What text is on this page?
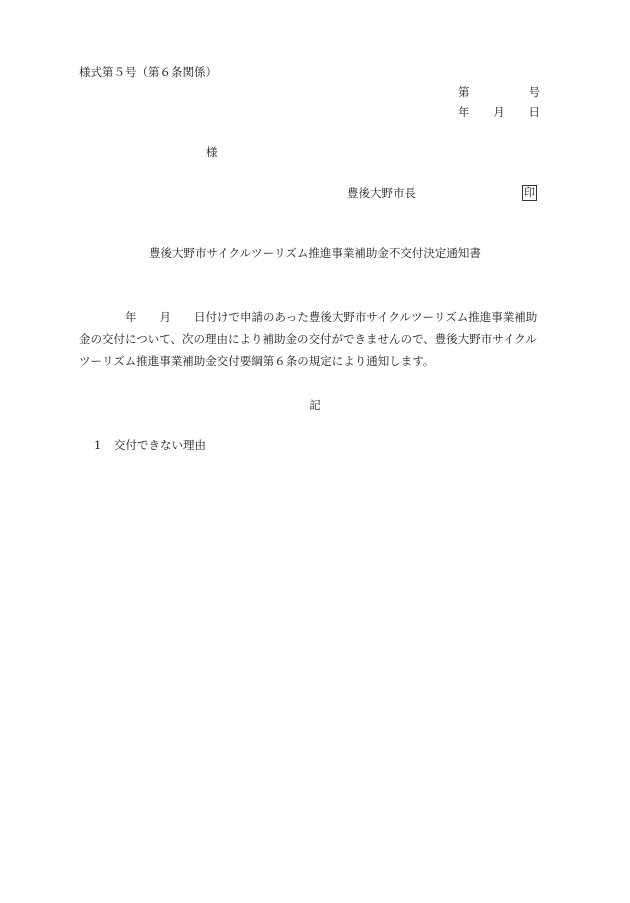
様式第５号（第６条関係）
第	号
年 月 日
様
豊後大野市長	印
豊後大野市サイクルツーリズム推進事業補助金不交付決定通知書
年 月 日付けで申請のあった豊後大野市サイクルツーリズム推進事業補助
金の交付について、次の理由により補助金の交付ができませんので、豊後大野市サイクル
ツーリズム推進事業補助金交付要綱第６条の規定により通知します。
記
1	交付できない理由
